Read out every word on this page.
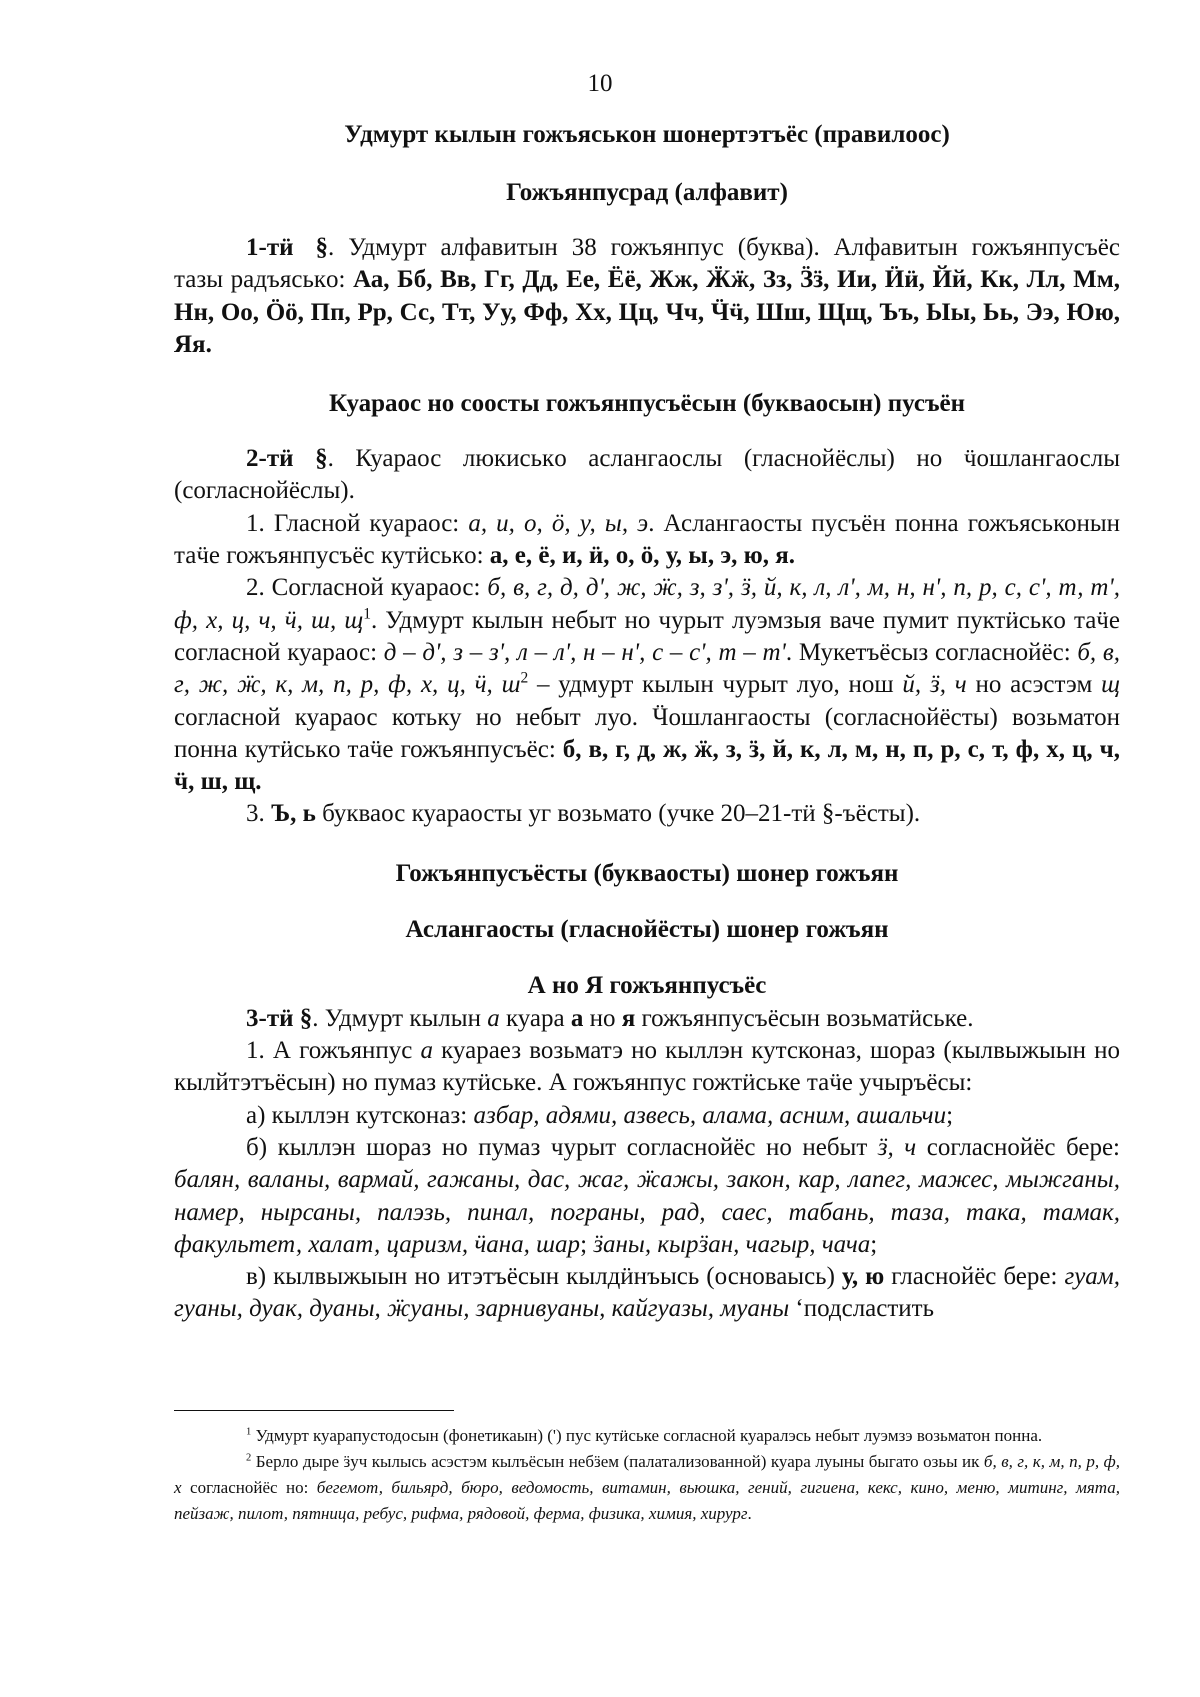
10

Удмурт кылын гожъяськон шонертэтъёс (правилоос)

Гожъянпусрад (алфавит)

1-тӥ §. Удмурт алфавитын 38 гожъянпус (буква). Алфавитын гожъянпусъёс тазы радъяськo: Аа, Бб, Вв, Гг, Дд, Ее, Ёё, Жж, Ӝӝ, Зз, Ӟӟ, Ии, Ӥӥ, Йй, Кк, Лл, Мм, Нн, Оо, Ӧӧ, Пп, Рр, Сс, Тт, Уу, Фф, Хх, Цц, Чч, Ӵӵ, Шш, Щщ, Ъъ, Ыы, Ьь, Ээ, Юю, Яя.

Куараос но соосты гожъянпусъёсын (букваосын) пусъён

2-тӥ §. Куараос люкиськo аслангаослы (гласнойёслы) но ӵошлангаослы (согласнойёслы).

1. Гласной куараос: а, и, о, ӧ, у, ы, э. Аслангаосты пусъён понна гожъяськонын таӵе гожъянпусъёс кутӥськo: а, е, ё, и, ӥ, о, ӧ, у, ы, э, ю, я.

2. Согласной куараос: б, в, г, д, д', ж, ӝ, з, з', ӟ, й, к, л, л', м, н, н', п, р, с, с', т, т', ф, х, ц, ч, ӵ, ш, $щ^1$. Удмурт кылын небыт но чурыт луэмзыя ваче пумит пуктӥськo таӵе согласной куараос: д – д', з – з', л – л', н – н', с – с', т – т'. Мукетъёсыз согласнойёс: б, в, г, ж, ӝ, к, м, п, р, ф, х, ц, ӵ, $ш^2$ – удмурт кылын чурыт луо, нош й, ӟ, ч но асэстэм щ согласной куараос котьку но небыт луо. Ӵошлангаосты (согласнойёсты) возьматон понна кутӥськo таӵе гожъянпусъёс: б, в, г, д, ж, ӝ, з, ӟ, й, к, л, м, н, п, р, с, т, ф, х, ц, ч, ӵ, ш, щ.

3. Ъ, ь букваос куараосты уг возьмато (учке 20–21-тӥ §-ъёсты).

Гожъянпусъёсты (букваосты) шонер гожъян

Аслангаосты (гласнойёсты) шонер гожъян

А но Я гожъянпусъёс

3-тӥ §. Удмурт кылын а куара а но я гожъянпусъёсын возьматӥське.

1. А гожъянпус а куараез возьматэ но кыллэн кутсконаз, шораз (кылвыжыын но кылйтэтъёсын) но пумаз кутӥське. А гожъянпус гожтӥське таӵе учыръёсы:

а) кыллэн кутсконаз: азбар, адями, азвесь, алама, асним, ашальчи;

б) кыллэн шораз но пумаз чурыт согласнойёс но небыт ӟ, ч согласнойёс бере: балян, валаны, вармай, гажаны, дас, жаг, ӝажы, закон, кар, лапег, мажес, мыжганы, намер, нырсаны, палэзь, пинал, пограны, рад, саес, табань, таза, така, тамак, факультет, халат, царизм, ӵана, шар; ӟаны, кырӟан, чагыр, чача;

в) кылвыжыын но итэтъёсын кылдӥнъысь (основаысь) у, ю гласнойёс бере: гуам, гуаны, дуак, дуаны, ӝуаны, зарнивуаны, кайгуазы, муаны ‘подсластить

$^1$ Удмурт куарапустодосын (фонетикаын) (') пус кутӥське согласной куаралэсь небыт луэмзэ возьматон понна.

$^2$ Берло дыре ӟуч кылысь асэстэм кылъёсын небӟем (палатализованной) куара луыны быгато озьы ик б, в, г, к, м, п, р, ф, х согласнойёс но: бегемот, бильярд, бюро, ведомость, витамин, вьюшка, гений, гигиена, кекс, кино, меню, митинг, мята, пейзаж, пилот, пятница, ребус, рифма, рядовой, ферма, физика, химия, хирург.
